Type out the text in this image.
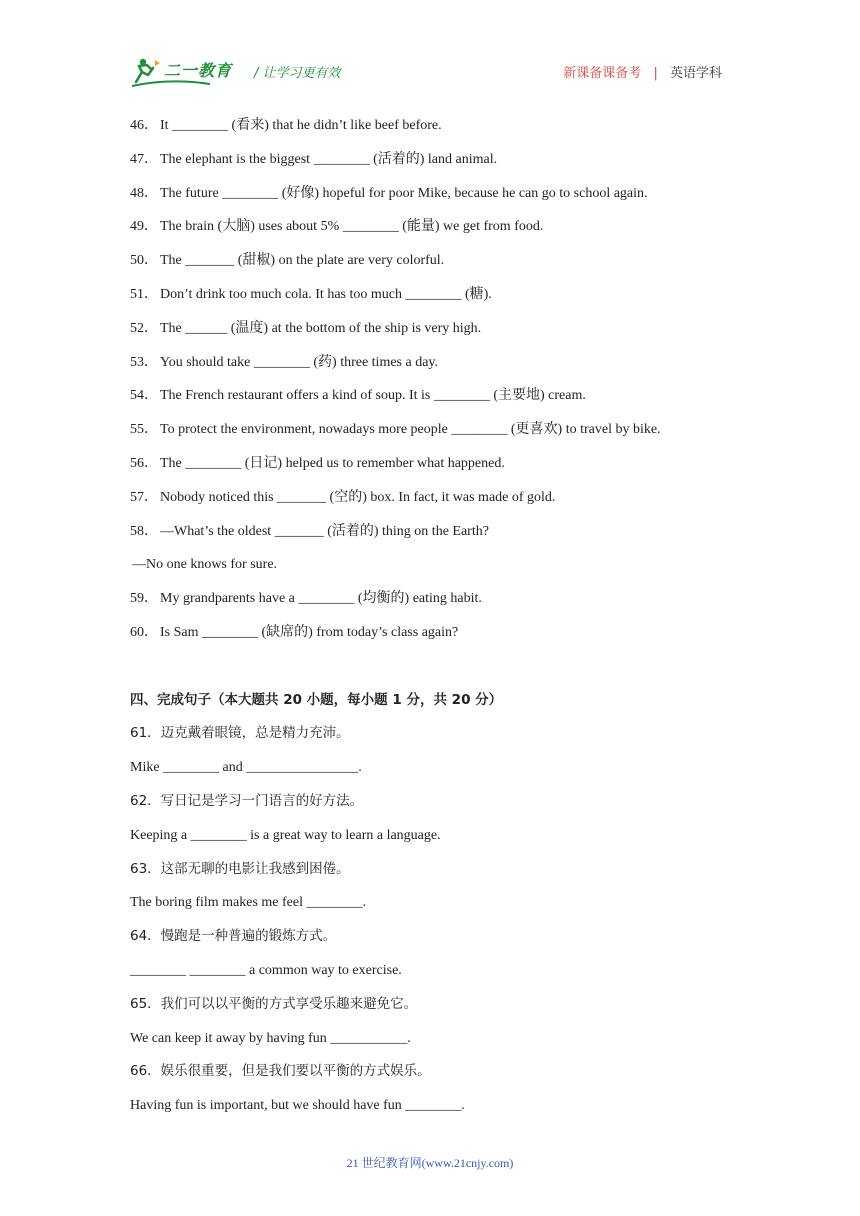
二一教育 / 让学习更有效	新课备课备考 | 英语学科
46． It ________ (看来) that he didn’t like beef before.
47． The elephant is the biggest ________ (活着的) land animal.
48． The future ________ (好像) hopeful for poor Mike, because he can go to school again.
49． The brain (大脑) uses about 5% ________ (能量) we get from food.
50． The _______ (甜椒) on the plate are very colorful.
51． Don’t drink too much cola. It has too much ________ (糖).
52． The ______ (温度) at the bottom of the ship is very high.
53． You should take ________ (药) three times a day.
54． The French restaurant offers a kind of soup. It is ________ (主要地) cream.
55． To protect the environment, nowadays more people ________ (更喜欢) to travel by bike.
56． The ________ (日记) helped us to remember what happened.
57． Nobody noticed this _______ (空的) box. In fact, it was made of gold.
58． —What’s the oldest _______ (活着的) thing on the Earth?
—No one knows for sure.
59． My grandparents have a ________ (均衡的) eating habit.
60． Is Sam ________ (缺席的) from today’s class again?
四、完成句子（本大题共 20 小题，每小题 1 分，共 20 分）
61．迈克戴着眼镜，总是精力充沛。
Mike ________ and ________________.
62．写日记是学习一门语言的好方法。
Keeping a ________ is a great way to learn a language.
63．这部无聊的电影让我感到困倦。
The boring film makes me feel ________.
64．慢跑是一种普遍的锻炼方式。
________ ________ a common way to exercise.
65．我们可以以平衡的方式享受乐趣来避免它。
We can keep it away by having fun ___________.
66．娱乐很重要，但是我们要以平衡的方式娱乐。
Having fun is important, but we should have fun ________.
21 世纪教育网(www.21cnjy.com)
